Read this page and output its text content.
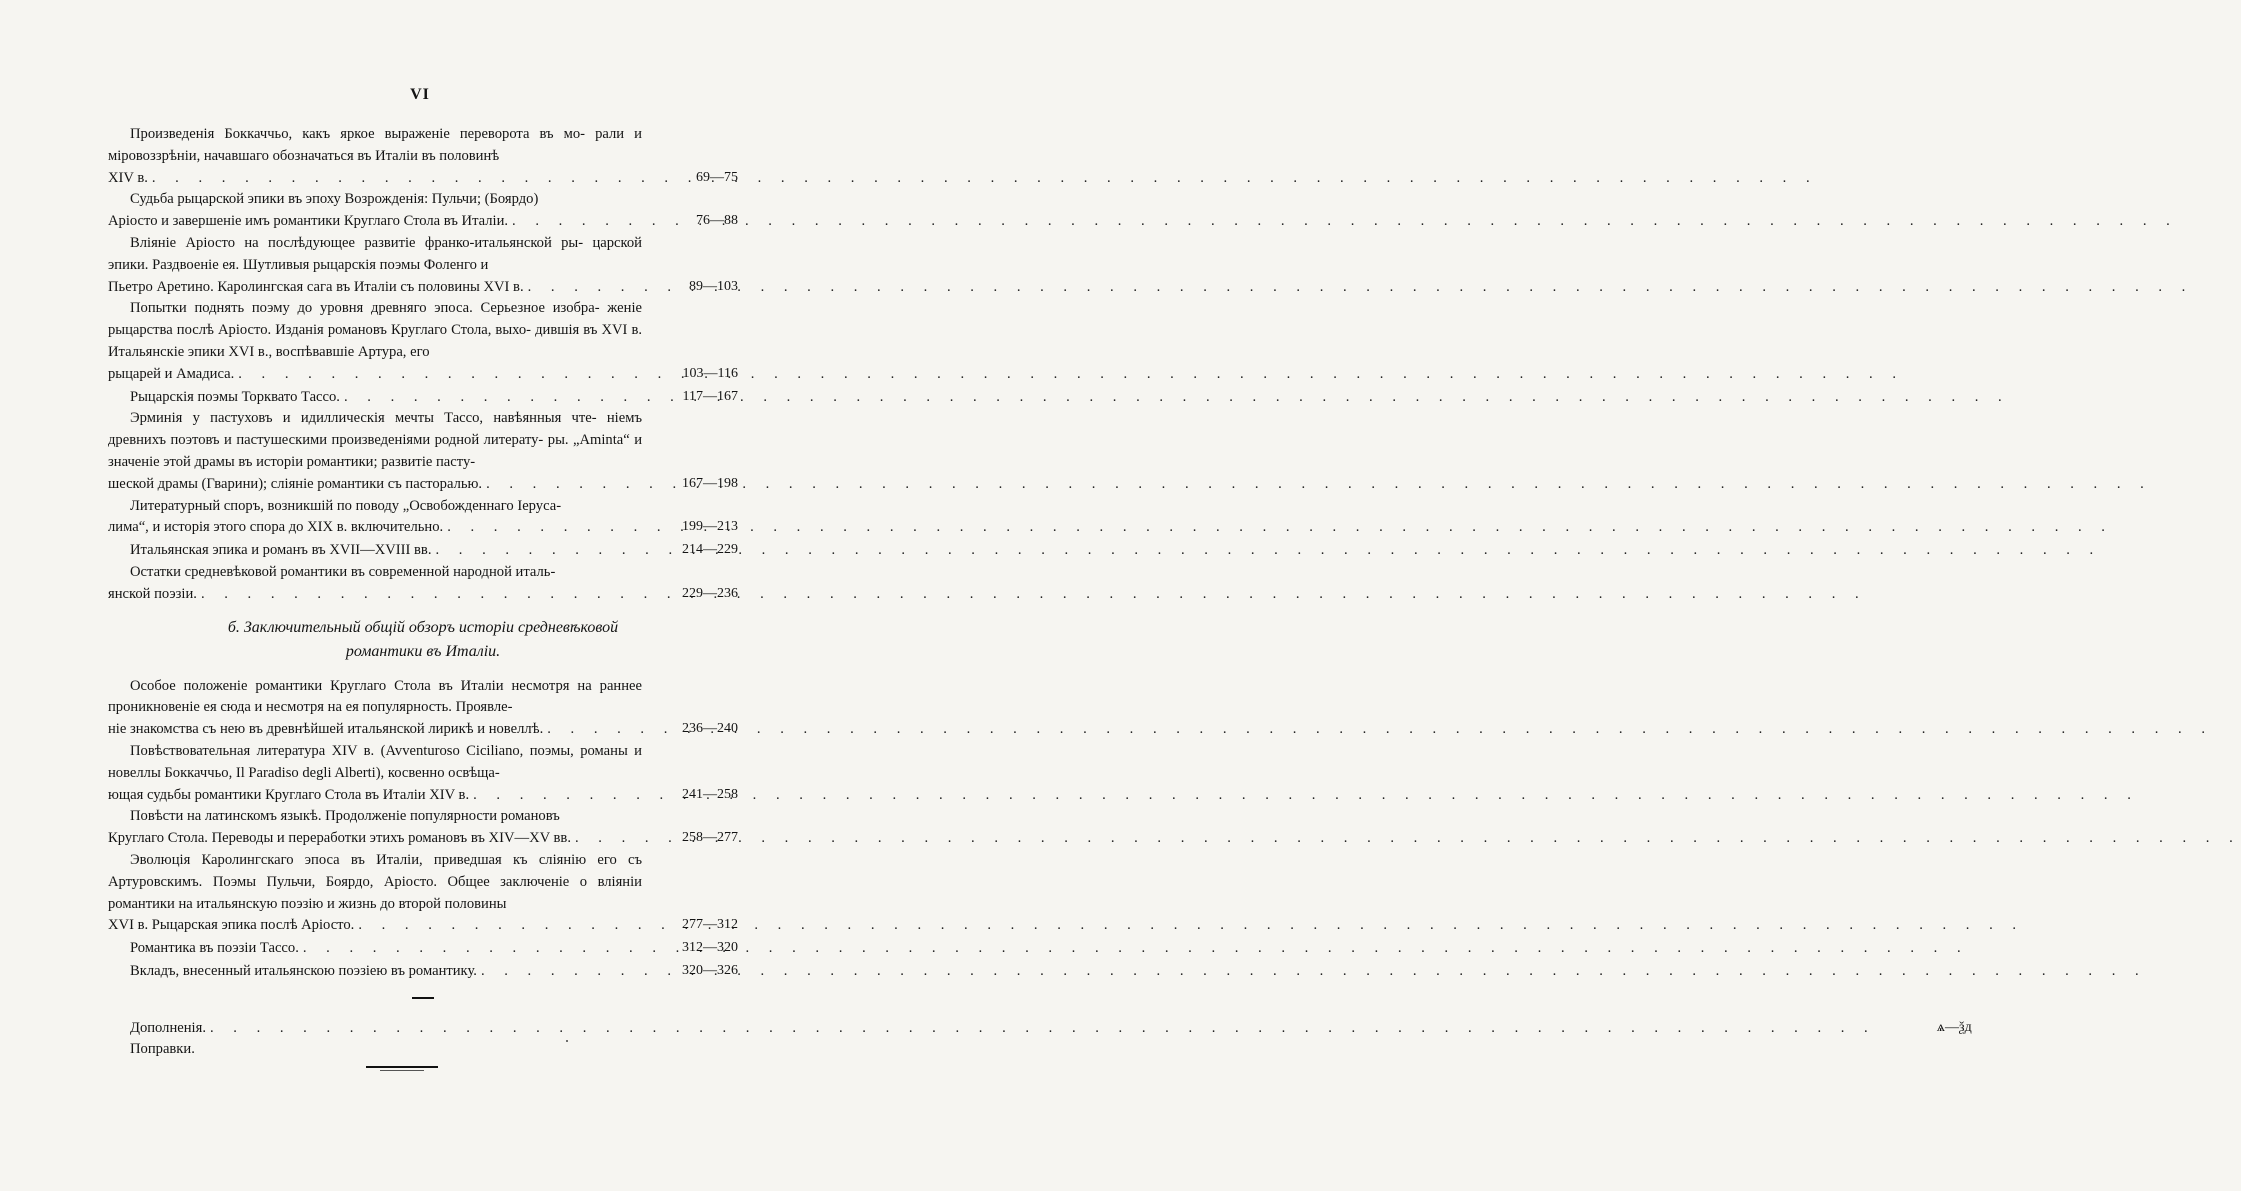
VI
Произведенія Боккаччьо, какъ яркое выраженіе переворота въ мо- рали и міровоззрѣніи, начавшаго обозначаться въ Италіи въ половинѣ
XIV в. . . .	69—75
Судьба рыцарской эпики въ эпоху Возрожденія: Пульчи; (Боярдо)
Аріосто и завершеніе имъ романтики Круглаго Стола въ Италіи. . . .	76—88
Вліяніе Аріосто на послѣдующее развитіе франко-итальянской ры- царской эпики. Раздвоеніе ея. Шутливыя рыцарскія поэмы Фоленго и
Пьетро Аретино. Каролингская сага въ Италіи съ половины XVI в. . . .	89—103
Попытки поднять поэму до уровня древняго эпоса. Серьезное изобра- женіе рыцарства послѣ Аріосто. Изданія романовъ Круглаго Стола, выхо- дившія въ XVI в. Итальянскіе эпики XVI в., воспѣвавшіе Артура, его
рыцарей и Амадиса. . . .	103—116
Рыцарскія поэмы Торквато Тассо. . . .	117—167
Эрминія у пастуховъ и идиллическія мечты Тассо, навѣянныя чте- ніемъ древнихъ поэтовъ и пастушескими произведеніями родной литерату- ры. „Aminta“ и значеніе этой драмы въ исторіи романтики; развитіе пасту-
шеской драмы (Гварини); сліяніе романтики съ пасторалью. . . .	167—198
Литературный споръ, возникшій по поводу „Освобожденнаго Іеруса-
лима“, и исторія этого спора до XIX в. включительно. . . .	199—213
Итальянская эпика и романъ въ XVII—XVIII вв. . . .	214—229
Остатки средневѣковой романтики въ современной народной италь-
янской поэзіи. . . .	229—236
б. Заключительный общій обзоръ исторіи средневѣковой
романтики въ Италіи.
Особое положеніе романтики Круглаго Стола въ Италіи несмотря на раннее проникновеніе ея сюда и несмотря на ея популярность. Проявле-
ніе знакомства съ нею въ древнѣйшей итальянской лирикѣ и новеллѣ. . . .	236—240
Повѣствовательная литература XIV в. (Avventuroso Ciciliano, поэмы, романы и новеллы Боккаччьо, Il Paradiso degli Alberti), косвенно освѣща-
ющая судьбы романтики Круглаго Стола въ Италіи XIV в. . . .	241—258
Повѣсти на латинскомъ языкѣ. Продолженіе популярности романовъ
Круглаго Стола. Переводы и переработки этихъ романовъ въ XIV—XV вв. . . .	258—277
Эволюція Каролингскаго эпоса въ Италіи, приведшая къ сліянію его съ Артуровскимъ. Поэмы Пульчи, Боярдо, Аріосто. Общее заключеніе о вліяніи романтики на итальянскую поэзію и жизнь до второй половины
XVI в. Рыцарская эпика послѣ Аріосто. . . .	277—312
Романтика въ поэзіи Тассо. . . .	312—320
Вкладъ, внесенный итальянскою поэзіею въ романтику. . . .	320—326
Дополненія. . . .	ѧ—ѯд
Поправки.
